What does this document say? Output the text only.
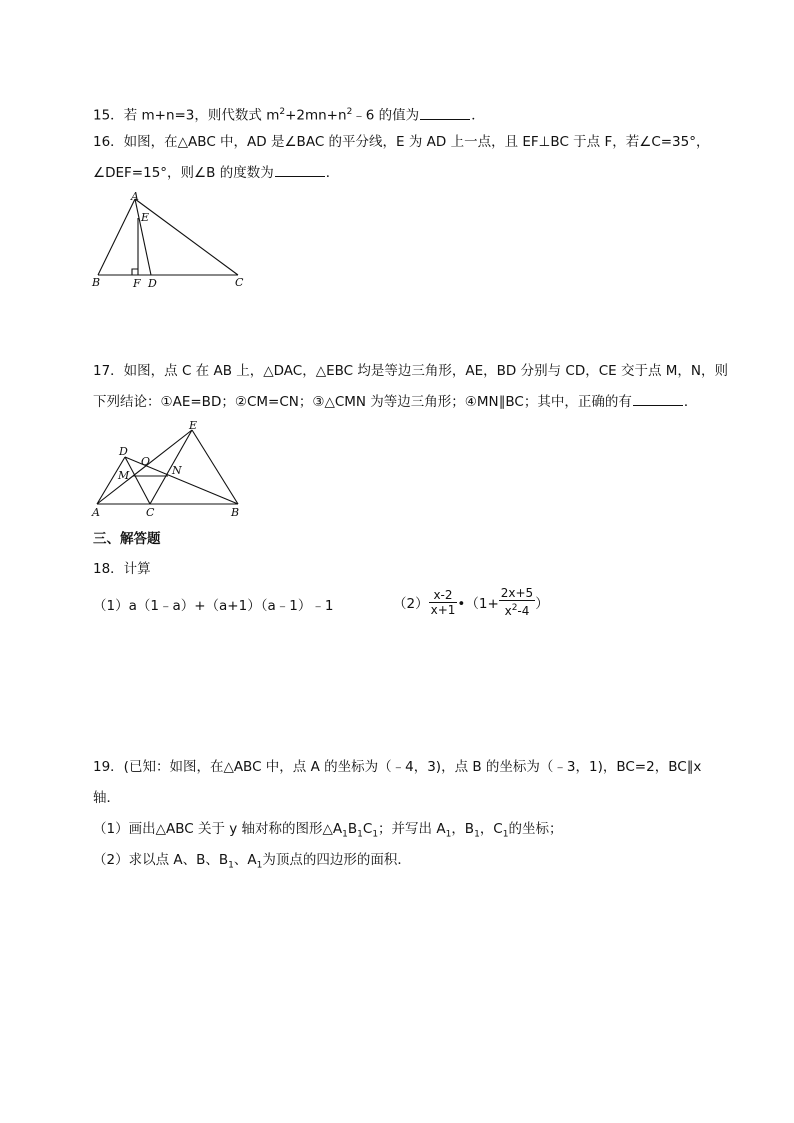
15．若 m+n=3，则代数式 $m^2+2mn+n^2﹣6$ 的值为	．
16．如图，在△ABC 中，AD 是∠BAC 的平分线，E 为 AD 上一点，且 EF⊥BC 于点 F，若∠C=35°，
∠DEF=15°，则∠B 的度数为	．
A
E
B	F D	C
17．如图，点 C 在 AB 上，△DAC，△EBC 均是等边三角形，AE，BD 分别与 CD，CE 交于点 M，N，则
下列结论：①AE=BD；②CM=CN；③△CMN 为等边三角形；④MN∥BC；其中，正确的有	．
D
E
O
M	N
A	C	B
三、解答题
18．计算
（1）a（1﹣a）+（a+1）（a﹣1）﹣1	$(2) \frac{x-2}{x+1}$ •（1+ $\frac{2x+5}{x^2-4}$ ）
19．(已知：如图，在△ABC 中，点 A 的坐标为（﹣4，3)，点 B 的坐标为（﹣3，1)，BC=2，BC∥x
轴．
（1）画出△ABC 关于 y 轴对称的图形$\triangle A_1B_1C_1$；并写出 $A_1$，$B_1$，$C_1$的坐标；
（2）求以点 A、B、$B_1$、$A_1$为顶点的四边形的面积．
